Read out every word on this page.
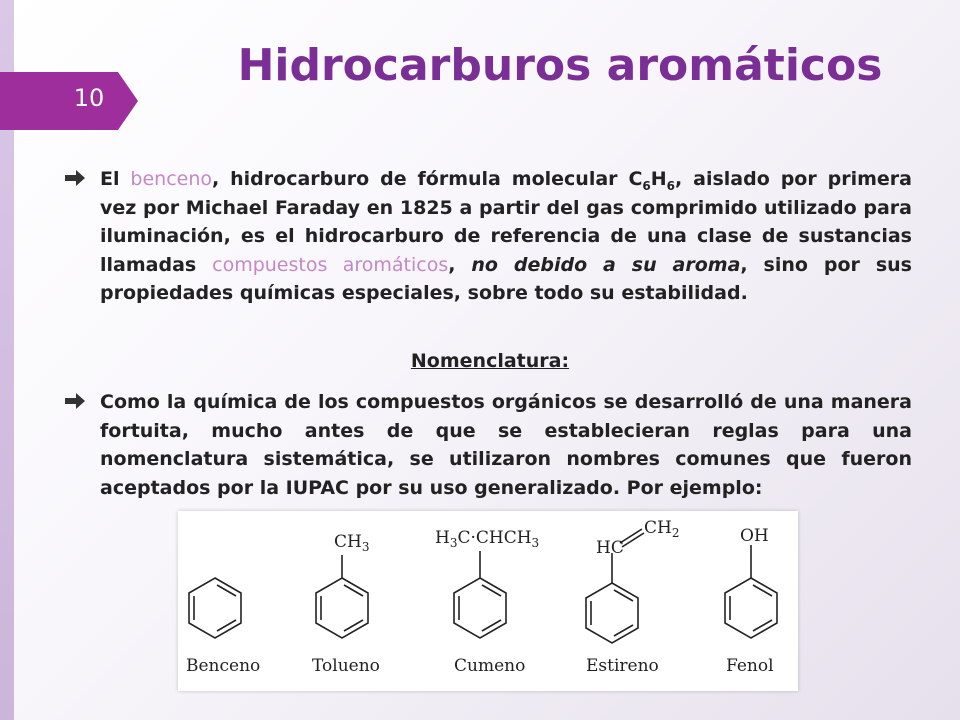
10
Hidrocarburos aromáticos
El benceno, hidrocarburo de fórmula molecular $C_6H_6$, aislado por primera vez por Michael Faraday en 1825 a partir del gas comprimido utilizado para iluminación, es el hidrocarburo de referencia de una clase de sustancias llamadas compuestos aromáticos, no debido a su aroma, sino por sus propiedades químicas especiales, sobre todo su estabilidad.
Nomenclatura:
Como la química de los compuestos orgánicos se desarrolló de una manera fortuita, mucho antes de que se establecieran reglas para una nomenclatura sistemática, se utilizaron nombres comunes que fueron aceptados por la IUPAC por su uso generalizado. Por ejemplo:
$CH_3$	$H_3C\cdot CHCH_3$	HC
$CH_2$	OH
Benceno	Tolueno	Cumeno	Estireno	Fenol
